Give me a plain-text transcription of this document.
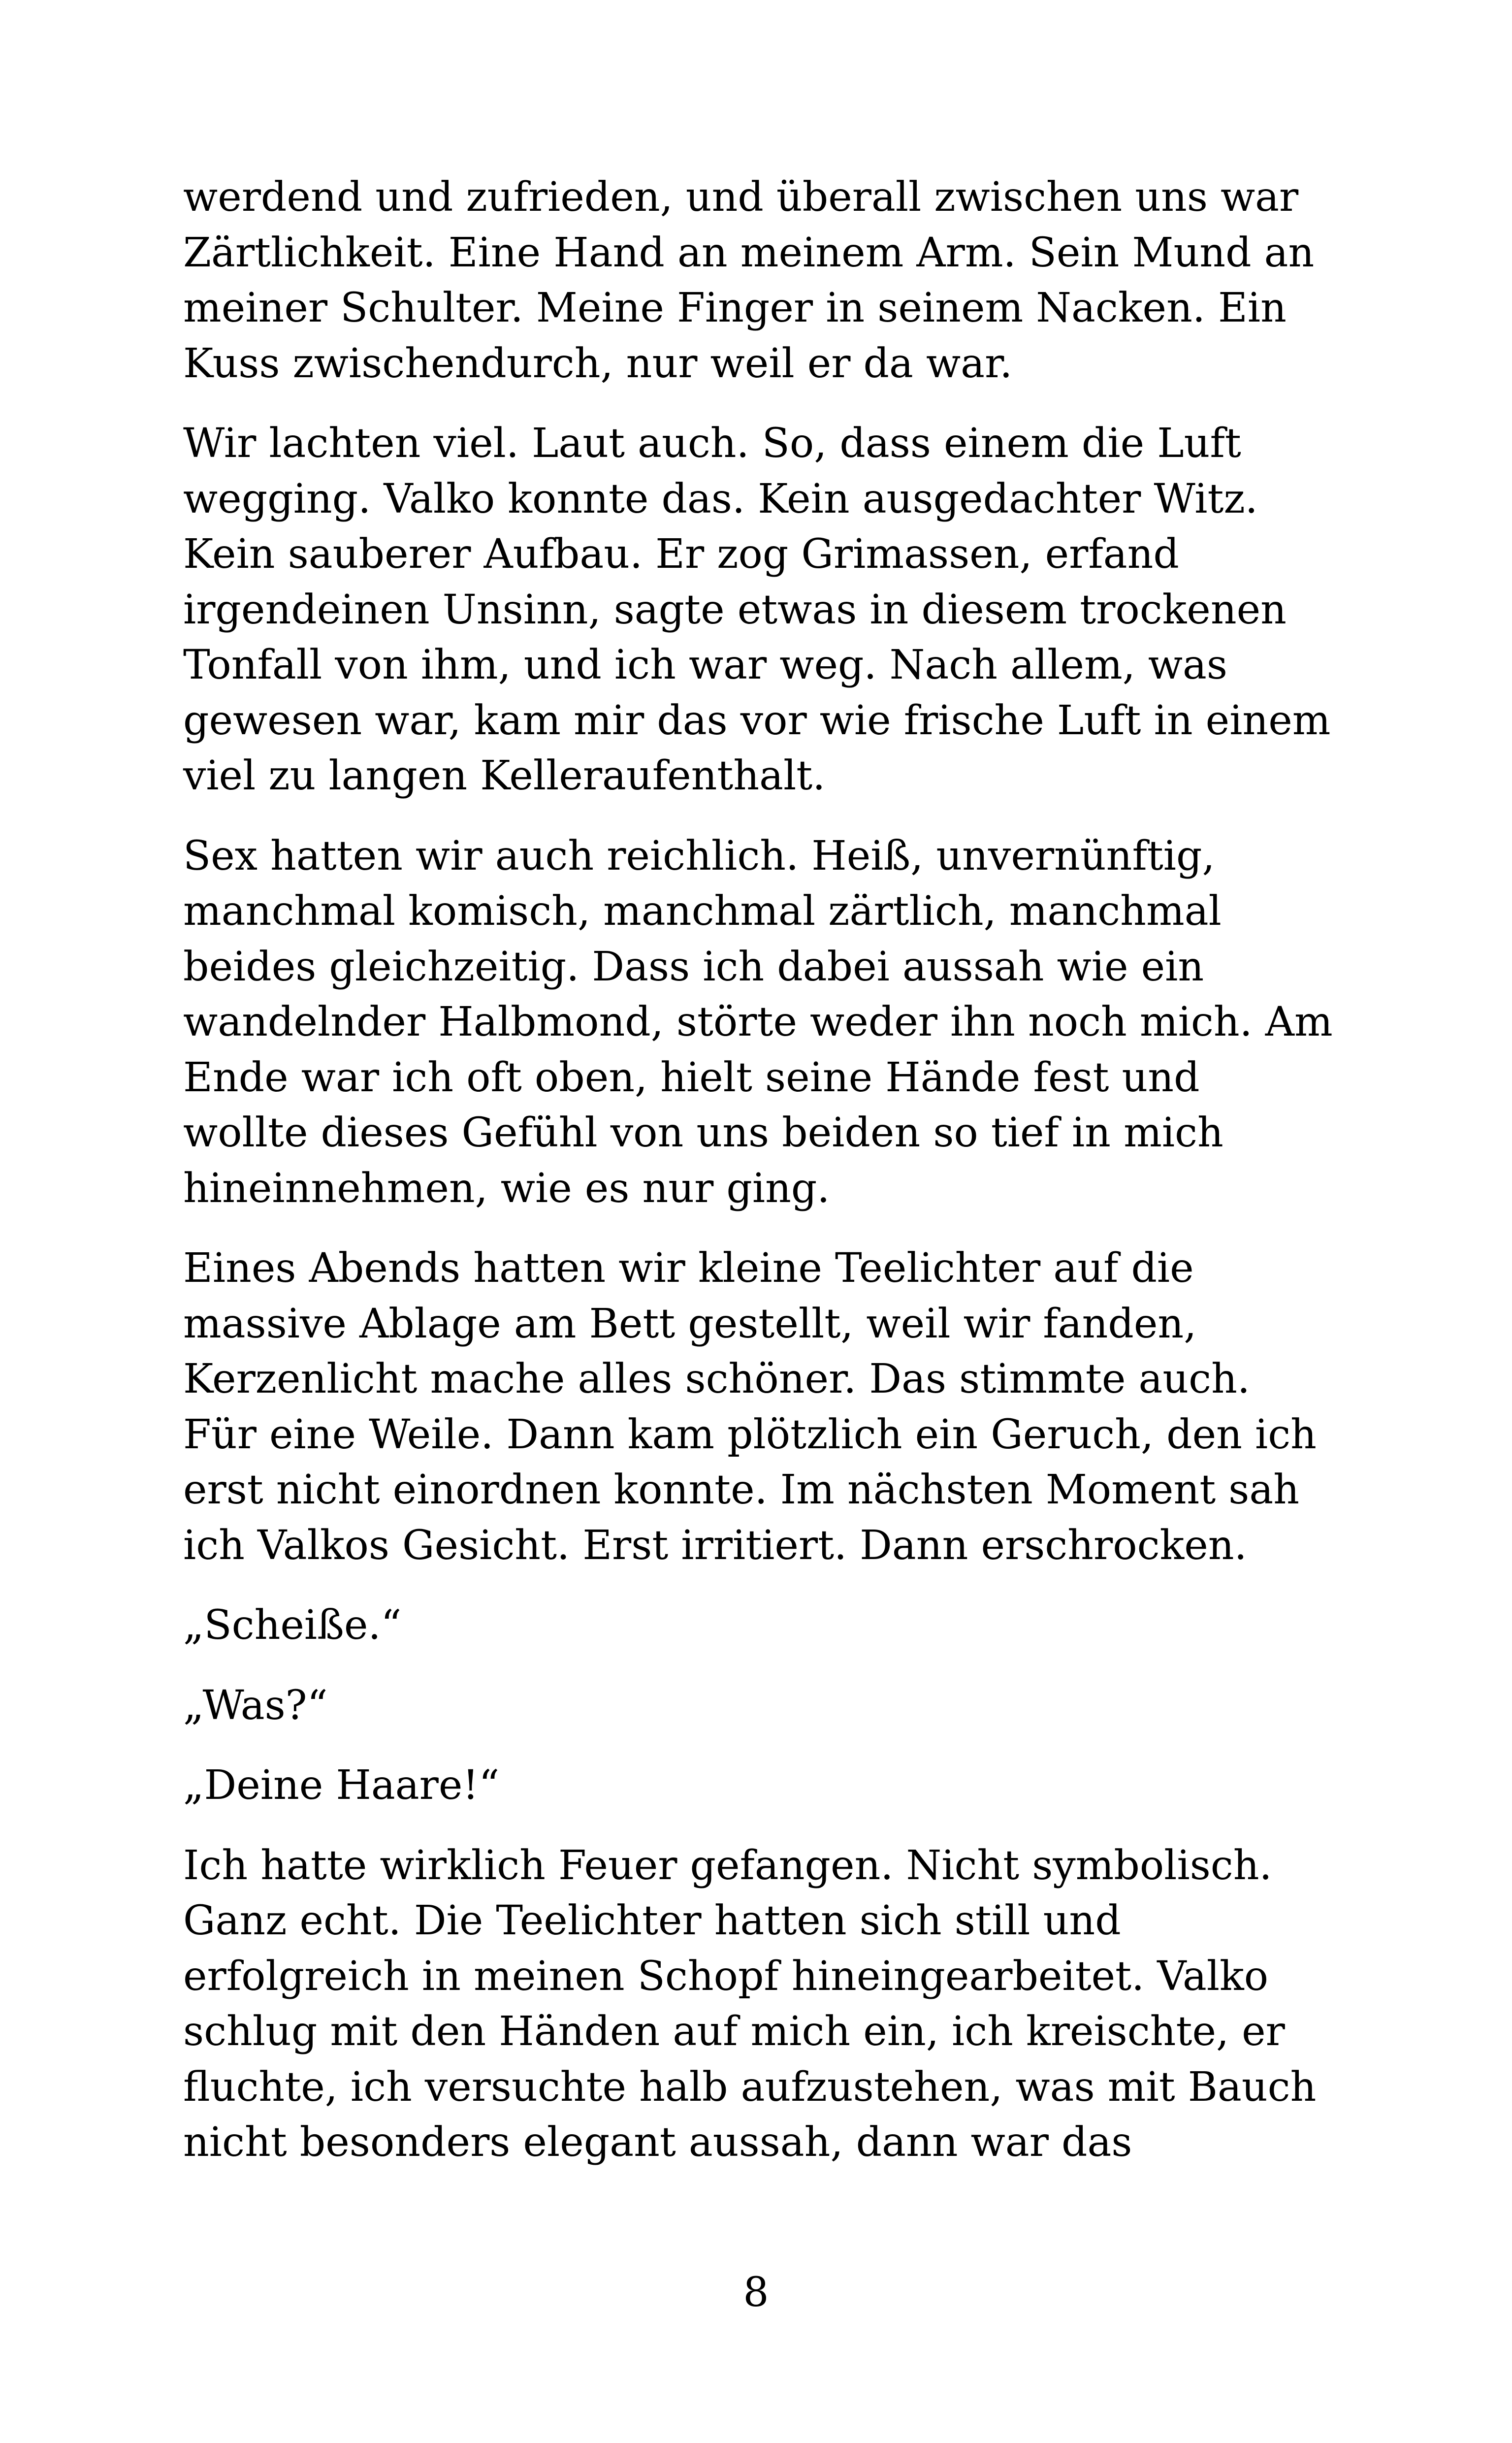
werdend und zufrieden, und überall zwischen uns war Zärtlichkeit. Eine Hand an meinem Arm. Sein Mund an meiner Schulter. Meine Finger in seinem Nacken. Ein Kuss zwischendurch, nur weil er da war.

Wir lachten viel. Laut auch. So, dass einem die Luft wegging. Valko konnte das. Kein ausgedachter Witz. Kein sauberer Aufbau. Er zog Grimassen, erfand irgendeinen Unsinn, sagte etwas in diesem trockenen Tonfall von ihm, und ich war weg. Nach allem, was gewesen war, kam mir das vor wie frische Luft in einem viel zu langen Kelleraufenthalt.

Sex hatten wir auch reichlich. Heiß, unvernünftig, manchmal komisch, manchmal zärtlich, manchmal beides gleichzeitig. Dass ich dabei aussah wie ein wandelnder Halbmond, störte weder ihn noch mich. Am Ende war ich oft oben, hielt seine Hände fest und wollte dieses Gefühl von uns beiden so tief in mich hineinnehmen, wie es nur ging.

Eines Abends hatten wir kleine Teelichter auf die massive Ablage am Bett gestellt, weil wir fanden, Kerzenlicht mache alles schöner. Das stimmte auch. Für eine Weile. Dann kam plötzlich ein Geruch, den ich erst nicht einordnen konnte. Im nächsten Moment sah ich Valkos Gesicht. Erst irritiert. Dann erschrocken.

„Scheiße.“

„Was?“

„Deine Haare!“

Ich hatte wirklich Feuer gefangen. Nicht symbolisch. Ganz echt. Die Teelichter hatten sich still und erfolgreich in meinen Schopf hineingearbeitet. Valko schlug mit den Händen auf mich ein, ich kreischte, er fluchte, ich versuchte halb aufzustehen, was mit Bauch nicht besonders elegant aussah, dann war das

8
